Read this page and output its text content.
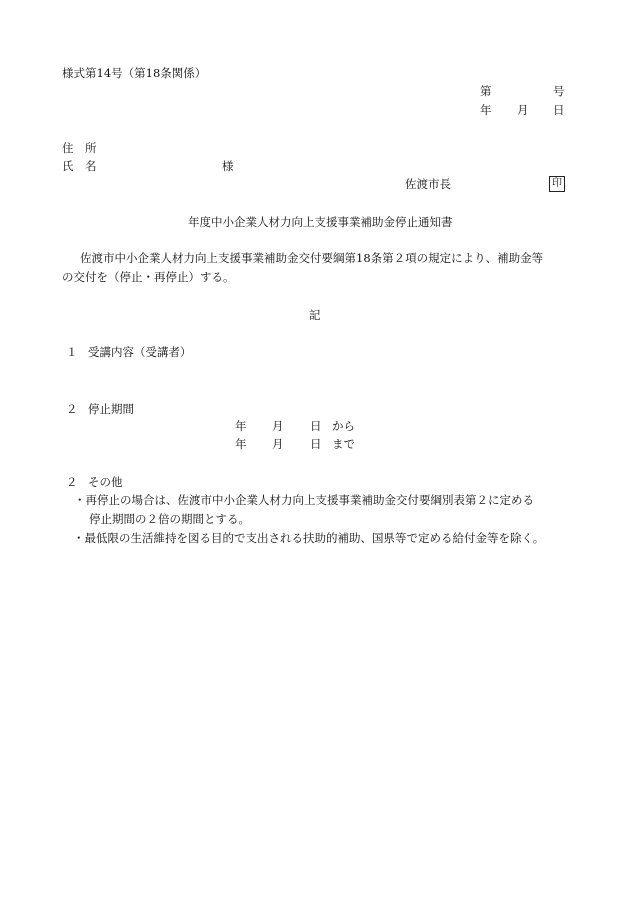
様式第14号（第18条関係）
第	号
年 月 日
住　所
氏　名	様
佐渡市長	印
年度中小企業人材力向上支援事業補助金停止通知書
佐渡市中小企業人材力向上支援事業補助金交付要綱第18条第２項の規定により、補助金等
の交付を（停止・再停止）する。
記
１ 受講内容（受講者）
２ 停止期間
年 月 日 から
年 月 日 まで
２ その他
・再停止の場合は、佐渡市中小企業人材力向上支援事業補助金交付要綱別表第２に定める
停止期間の２倍の期間とする。
・最低限の生活維持を図る目的で支出される扶助的補助、国県等で定める給付金等を除く。
